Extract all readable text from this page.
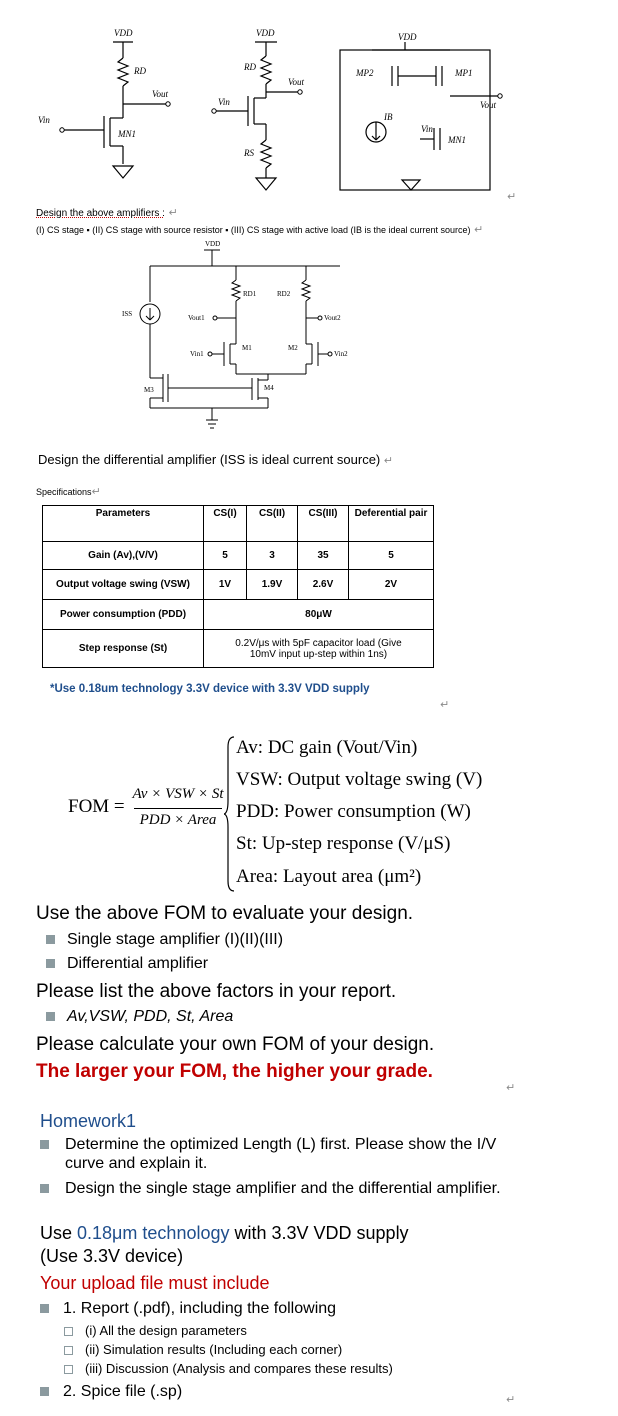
VDD
RD
Vout
Vin
MN1
VDD
RD
Vout
Vin
RS
VDD
MP2	MP1
IB
Vin
MN1
Vout
↵
Design the above amplifiers : ↵
(I) CS stage ▪ (II) CS stage with source resistor ▪ (III) CS stage with active load (IB is the ideal current source) ↵
VDD
RD1	RD2
ISS	Vout1	Vout2
Vin1	Vin2
M1	M2
M3	M4
Design the differential amplifier (ISS is ideal current source) ↵
Specifications↵
Parameters	CS(I)	CS(II)	CS(III)	Deferential pair
Gain (Av),(V/V)	5	3	35	5
Output voltage swing (VSW)	1V	1.9V	2.6V	2V
Power consumption (PDD)	80μW			
Step response (St)	0.2V/μs with 5pF capacitor load (Give 10mV input up-step within 1ns)			
*Use 0.18um technology 3.3V device with 3.3V VDD supply
↵
FOM =
Av × VSW × St
PDD × Area
Av: DC gain (Vout/Vin)
VSW: Output voltage swing (V)
PDD: Power consumption (W)
St: Up-step response (V/μS)
Area: Layout area (μm²)
Use the above FOM to evaluate your design.
Single stage amplifier (I)(II)(III)
Differential amplifier
Please list the above factors in your report.
Av,VSW, PDD, St, Area
Please calculate your own FOM of your design.
The larger your FOM, the higher your grade.
↵
Homework1
Determine the optimized Length (L) first. Please show the I/V curve and explain it.
Design the single stage amplifier and the differential amplifier.
Use 0.18μm technology with 3.3V VDD supply
(Use 3.3V device)
Your upload file must include
1. Report (.pdf), including the following
(i) All the design parameters
(ii) Simulation results (Including each corner)
(iii) Discussion (Analysis and compares these results)
2. Spice file (.sp)	↵
